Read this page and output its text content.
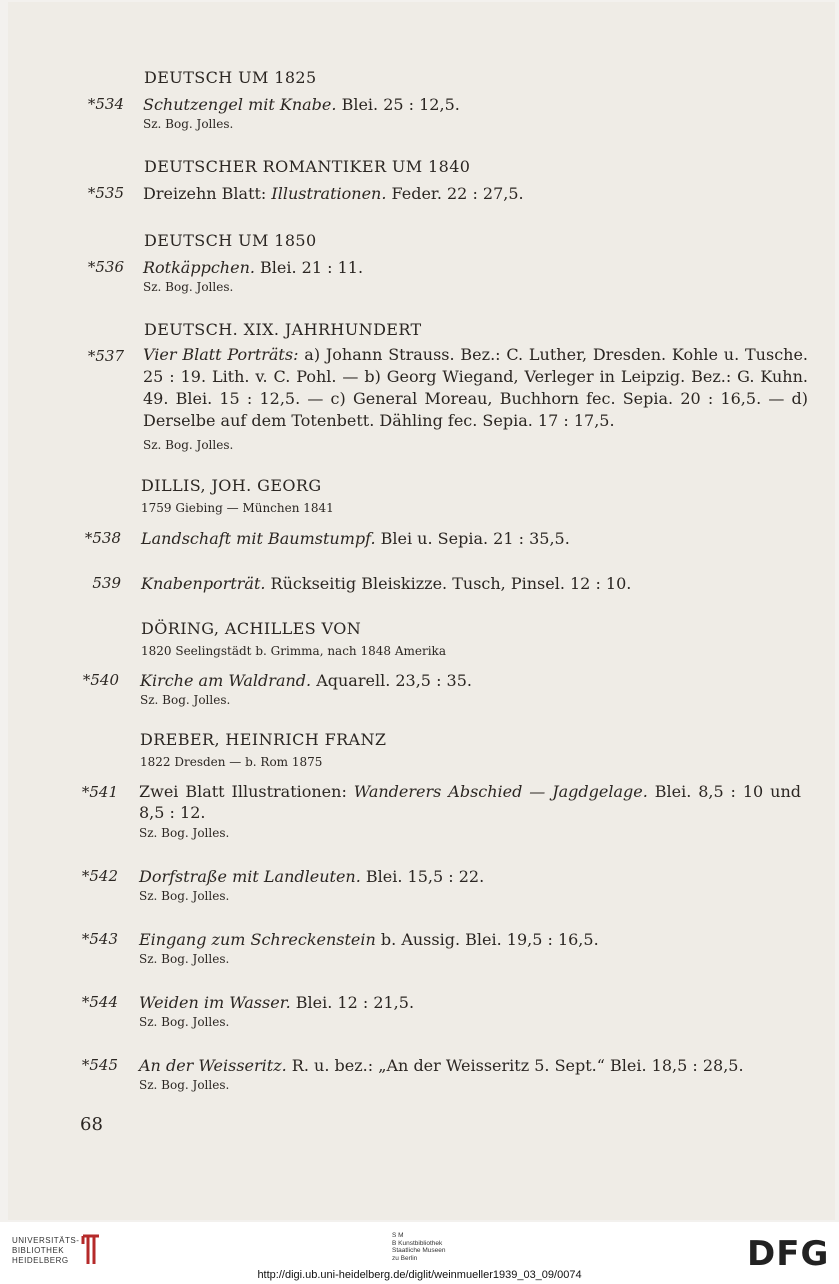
DEUTSCH UM 1825
*534 Schutzengel mit Knabe. Blei. 25 : 12,5.
Sz. Bog. Jolles.
DEUTSCHER ROMANTIKER UM 1840
*535 Dreizehn Blatt: Illustrationen. Feder. 22 : 27,5.
DEUTSCH UM 1850
*536 Rotkäppchen. Blei. 21 : 11.
Sz. Bog. Jolles.
DEUTSCH. XIX. JAHRHUNDERT
*537 Vier Blatt Porträts: a) Johann Strauss. Bez.: C. Luther, Dresden. Kohle u. Tusche. 25 : 19. Lith. v. C. Pohl. — b) Georg Wiegand, Verleger in Leipzig. Bez.: G. Kuhn. 49. Blei. 15 : 12,5. — c) General Moreau, Buchhorn fec. Sepia. 20 : 16,5. — d) Derselbe auf dem Totenbett. Dähling fec. Sepia. 17 : 17,5.
Sz. Bog. Jolles.
DILLIS, JOH. GEORG
1759 Giebing — München 1841
*538 Landschaft mit Baumstumpf. Blei u. Sepia. 21 : 35,5.
539 Knabenporträt. Rückseitig Bleiskizze. Tusch, Pinsel. 12 : 10.
DÖRING, ACHILLES VON
1820 Seelingstädt b. Grimma, nach 1848 Amerika
*540 Kirche am Waldrand. Aquarell. 23,5 : 35.
Sz. Bog. Jolles.
DREBER, HEINRICH FRANZ
1822 Dresden — b. Rom 1875
*541 Zwei Blatt Illustrationen: Wanderers Abschied — Jagdgelage. Blei. 8,5 : 10 und 8,5 : 12.
Sz. Bog. Jolles.
*542 Dorfstraße mit Landleuten. Blei. 15,5 : 22.
Sz. Bog. Jolles.
*543 Eingang zum Schreckenstein b. Aussig. Blei. 19,5 : 16,5.
Sz. Bog. Jolles.
*544 Weiden im Wasser. Blei. 12 : 21,5.
Sz. Bog. Jolles.
*545 An der Weisseritz. R. u. bez.: „An der Weisseritz 5. Sept.“ Blei. 18,5 : 28,5.
Sz. Bog. Jolles.
68
UNIVERSITÄTS-
BIBLIOTHEK
HEIDELBERG
S M
B Kunstbibliothek
Staatliche Museen
zu Berlin	DFG
http://digi.ub.uni-heidelberg.de/diglit/weinmueller1939_03_09/0074
